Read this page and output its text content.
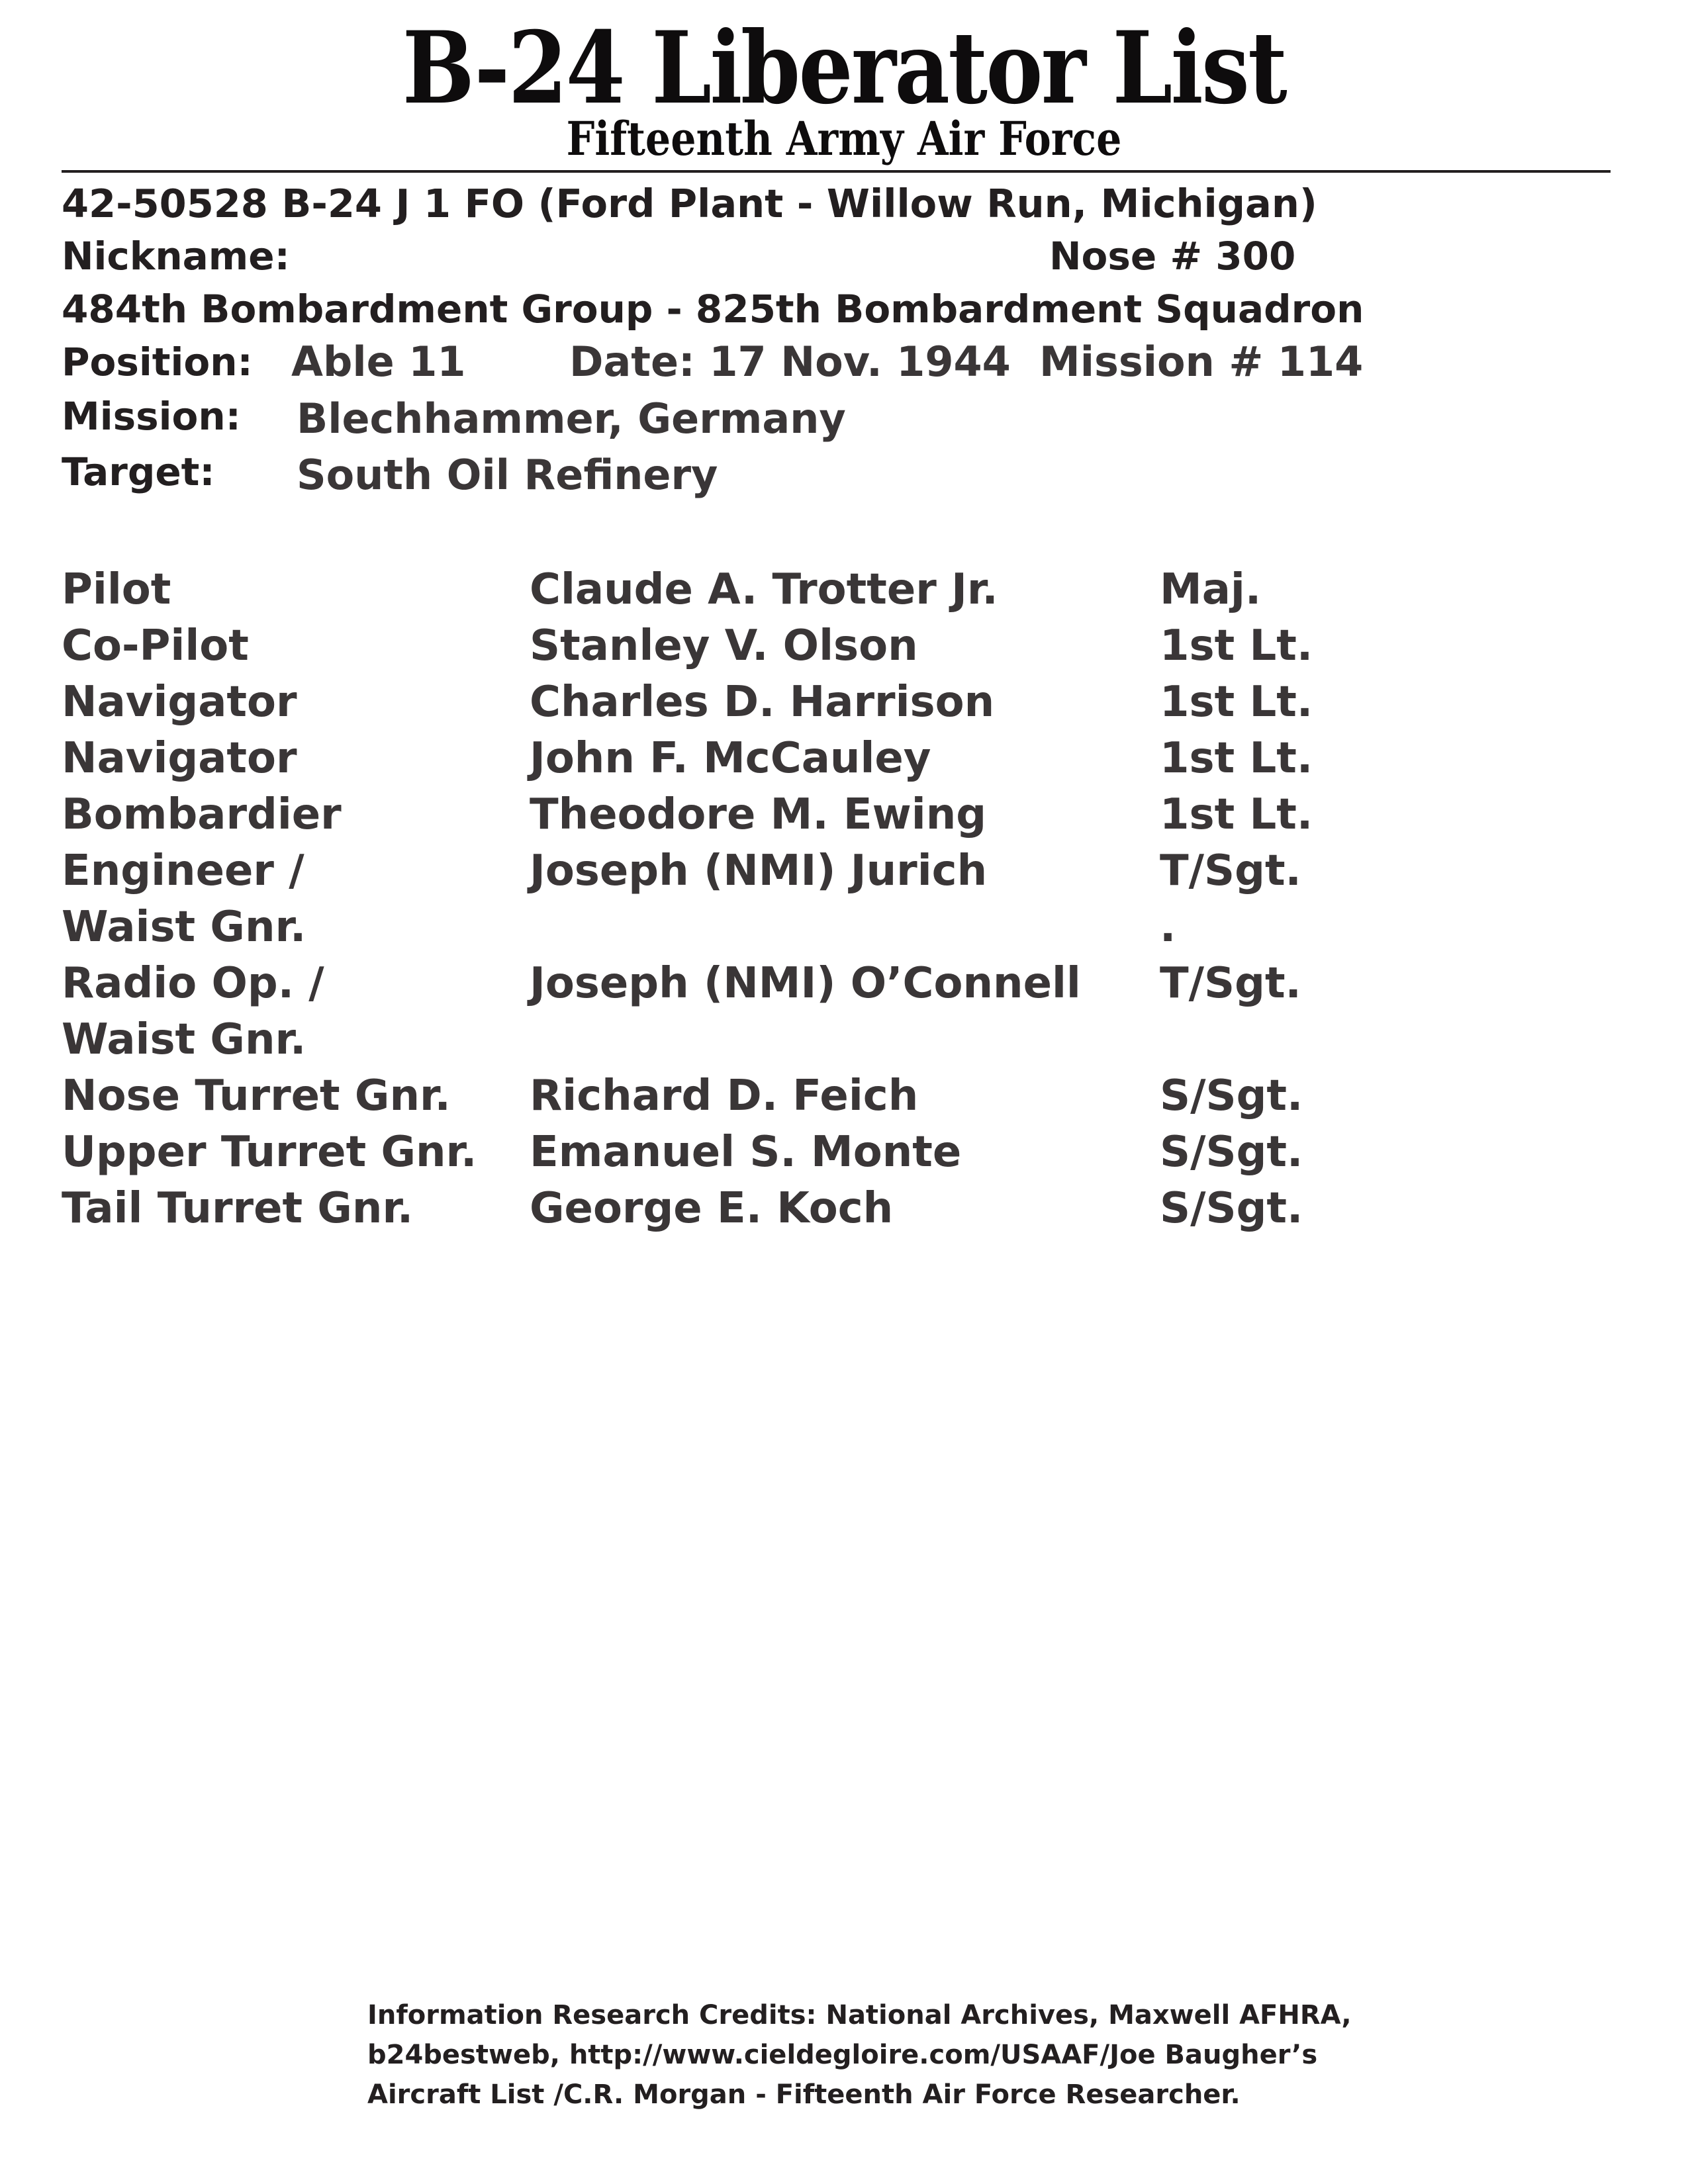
B-24 Liberator List
Fifteenth Army Air Force
42-50528 B-24 J 1 FO (Ford Plant - Willow Run, Michigan)
Nickname:	Nose # 300
484th Bombardment Group - 825th Bombardment Squadron
Position: Able 11	Date: 17 Nov. 1944 Mission # 114
Mission: Blechhammer, Germany
Target: South Oil Refinery
Pilot	Claude A. Trotter Jr.	Maj.
Co-Pilot	Stanley V. Olson	1st Lt.
Navigator	Charles D. Harrison	1st Lt.
Navigator	John F. McCauley	1st Lt.
Bombardier	Theodore M. Ewing	1st Lt.
Engineer /	Joseph (NMI) Jurich	T/Sgt.
Waist Gnr.	.
Radio Op. /	Joseph (NMI) O’Connell T/Sgt.
Waist Gnr.
Nose Turret Gnr. Richard D. Feich	S/Sgt.
Upper Turret Gnr. Emanuel S. Monte	S/Sgt.
Tail Turret Gnr.	George E. Koch	S/Sgt.
Information Research Credits: National Archives, Maxwell AFHRA,
b24bestweb, http://www.cieldegloire.com/USAAF/Joe Baugher’s
Aircraft List /C.R. Morgan - Fifteenth Air Force Researcher.
